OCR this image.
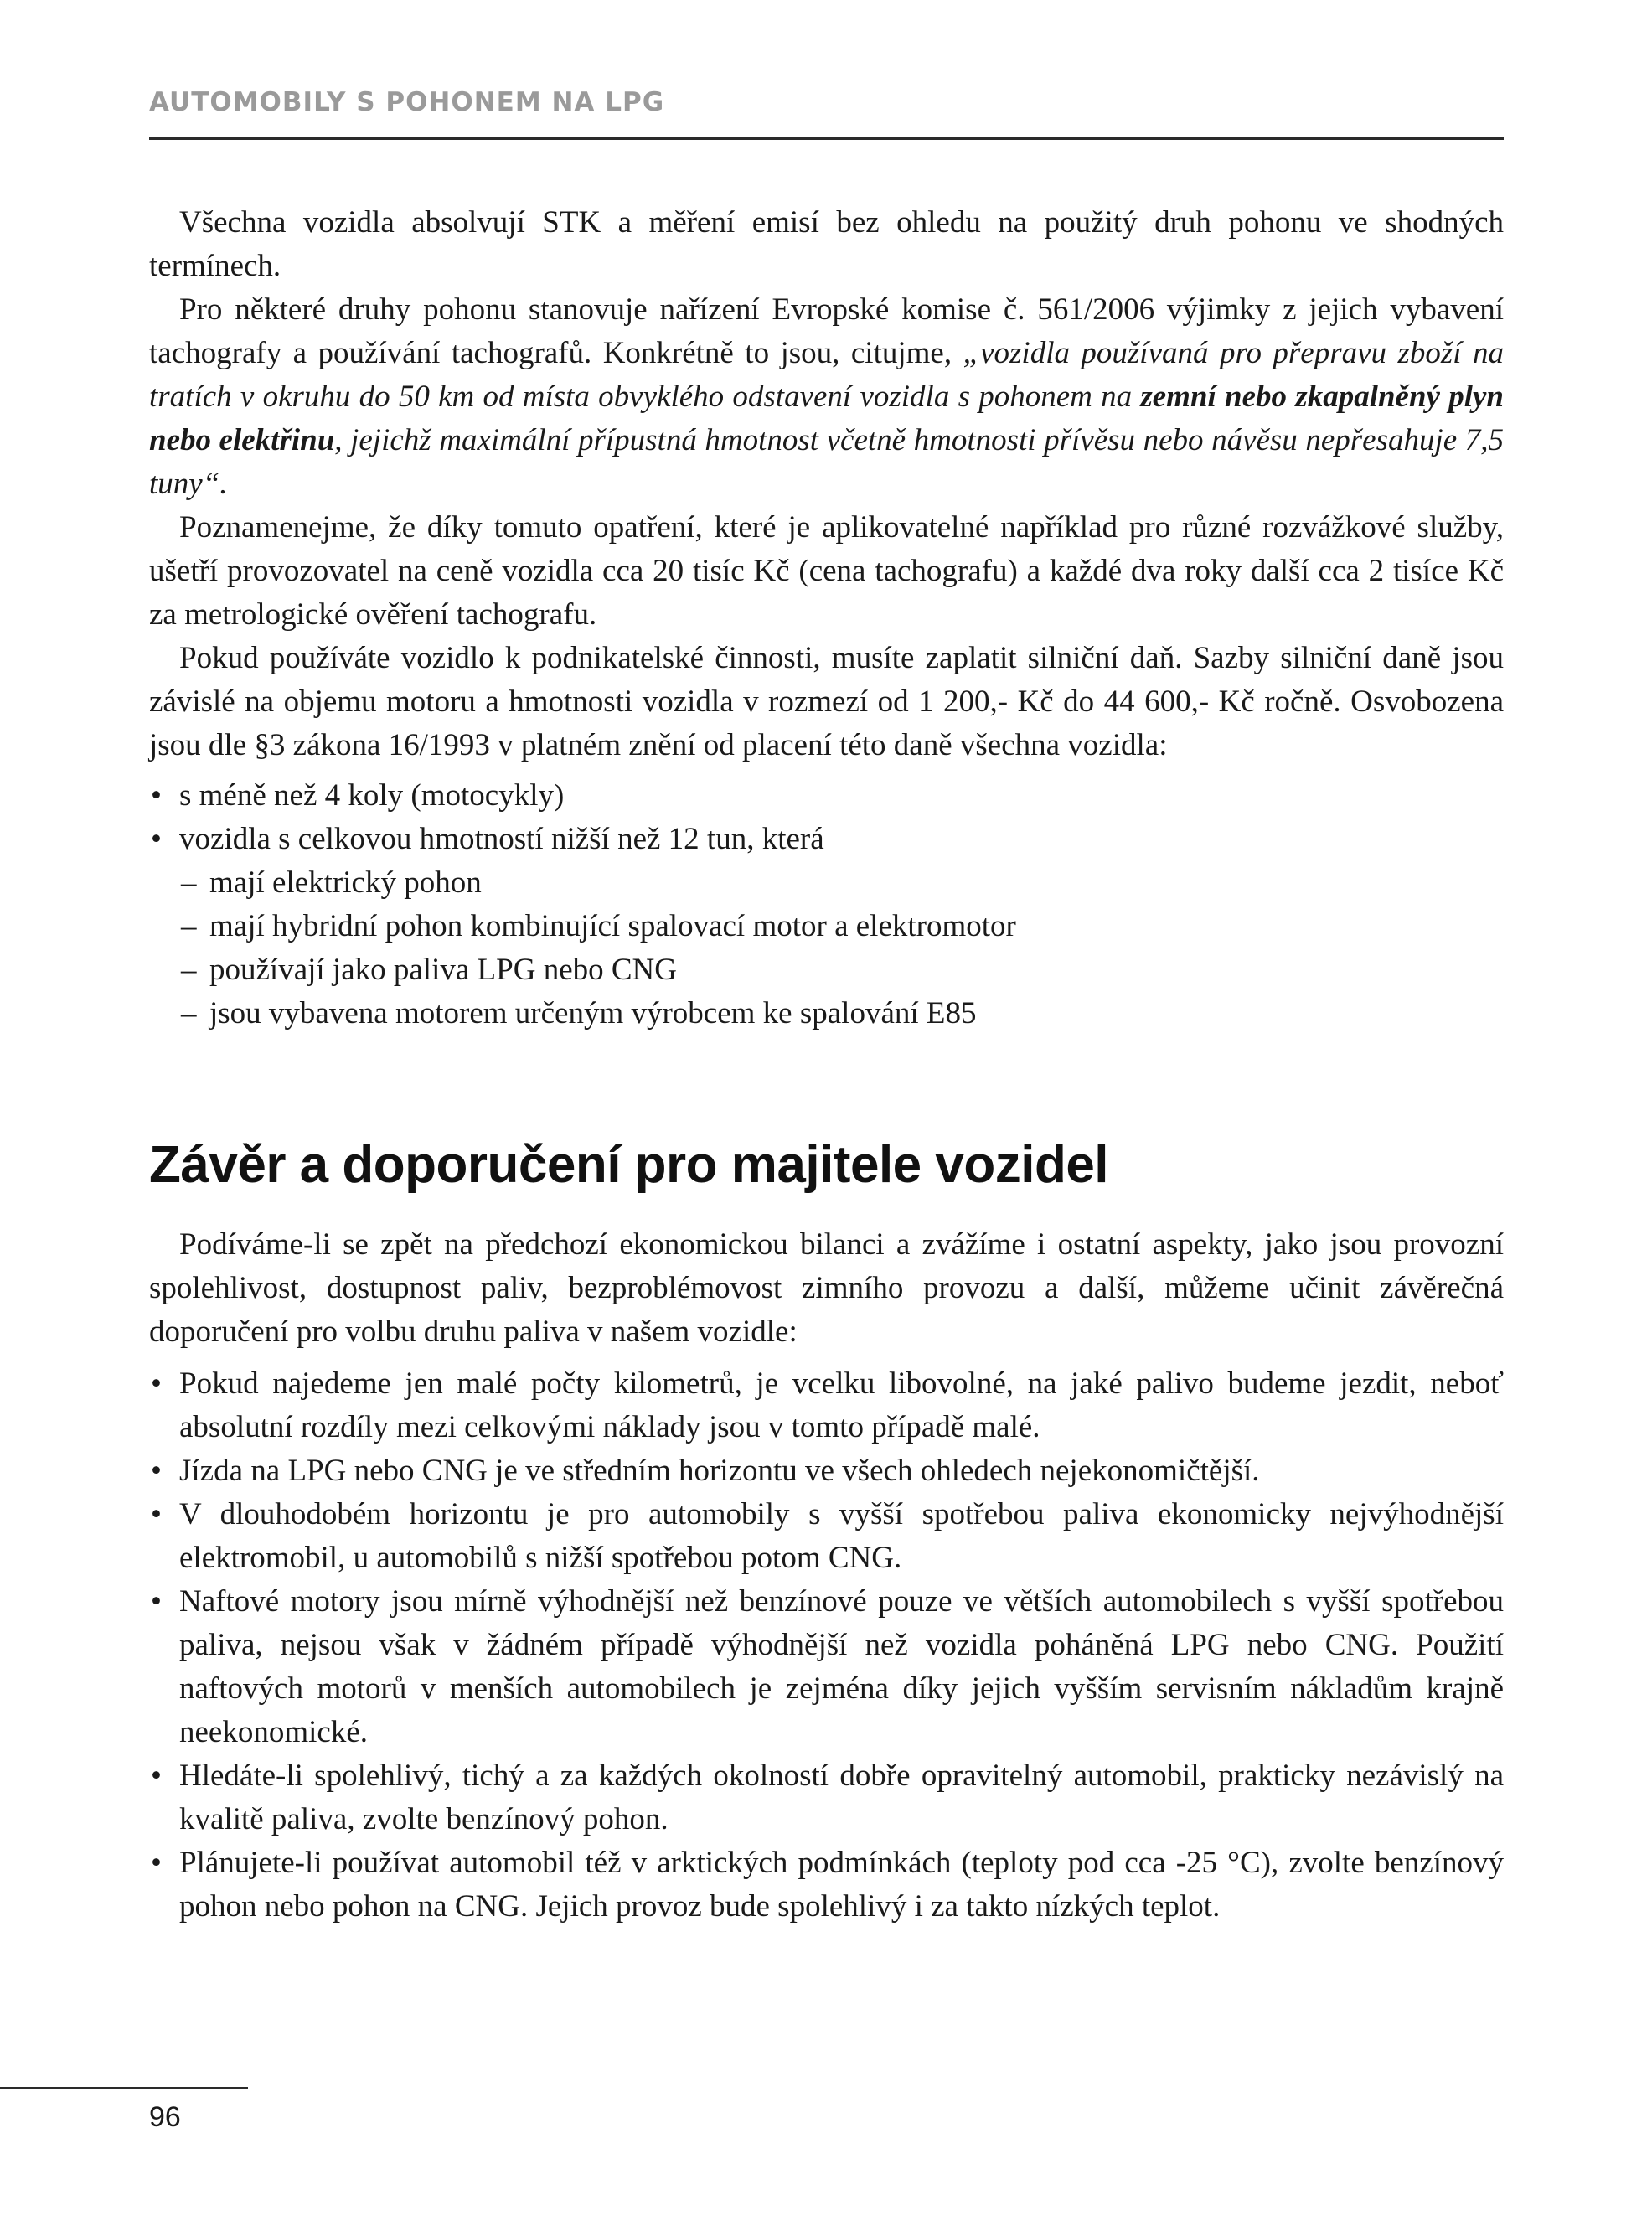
AUTOMOBILY S POHONEM NA LPG

Všechna vozidla absolvují STK a měření emisí bez ohledu na použitý druh pohonu ve shodných termínech.

Pro některé druhy pohonu stanovuje nařízení Evropské komise č. 561/2006 výjimky z jejich vybavení tachografy a používání tachografů. Konkrétně to jsou, citujme, „vozidla používaná pro přepravu zboží na tratích v okruhu do 50 km od místa obvyklého odstavení vozidla s pohonem na zemní nebo zkapalněný plyn nebo elektřinu, jejichž maximální přípustná hmotnost včetně hmotnosti přívěsu nebo návěsu nepřesahuje 7,5 tuny“.

Poznamenejme, že díky tomuto opatření, které je aplikovatelné například pro různé rozvážkové služby, ušetří provozovatel na ceně vozidla cca 20 tisíc Kč (cena tachografu) a každé dva roky další cca 2 tisíce Kč za metrologické ověření tachografu.

Pokud používáte vozidlo k podnikatelské činnosti, musíte zaplatit silniční daň. Sazby silniční daně jsou závislé na objemu motoru a hmotnosti vozidla v rozmezí od 1 200,- Kč do 44 600,- Kč ročně. Osvobozena jsou dle §3 zákona 16/1993 v platném znění od placení této daně všechna vozidla:

• s méně než 4 koly (motocykly)
• vozidla s celkovou hmotností nižší než 12 tun, která
– mají elektrický pohon
– mají hybridní pohon kombinující spalovací motor a elektromotor
– používají jako paliva LPG nebo CNG
– jsou vybavena motorem určeným výrobcem ke spalování E85
Závěr a doporučení pro majitele vozidel

Podíváme-li se zpět na předchozí ekonomickou bilanci a zvážíme i ostatní aspekty, jako jsou provozní spolehlivost, dostupnost paliv, bezproblémovost zimního provozu a další, můžeme učinit závěrečná doporučení pro volbu druhu paliva v našem vozidle:

• Pokud najedeme jen malé počty kilometrů, je vcelku libovolné, na jaké palivo budeme jezdit, neboť absolutní rozdíly mezi celkovými náklady jsou v tomto případě malé.
• Jízda na LPG nebo CNG je ve středním horizontu ve všech ohledech nejekonomičtější.
• V dlouhodobém horizontu je pro automobily s vyšší spotřebou paliva ekonomicky nejvýhodnější elektromobil, u automobilů s nižší spotřebou potom CNG.
• Naftové motory jsou mírně výhodnější než benzínové pouze ve větších automobilech s vyšší spotřebou paliva, nejsou však v žádném případě výhodnější než vozidla poháněná LPG nebo CNG. Použití naftových motorů v menších automobilech je zejména díky jejich vyšším servisním nákladům krajně neekonomické.
• Hledáte-li spolehlivý, tichý a za každých okolností dobře opravitelný automobil, prakticky nezávislý na kvalitě paliva, zvolte benzínový pohon.
• Plánujete-li používat automobil též v arktických podmínkách (teploty pod cca -25 °C), zvolte benzínový pohon nebo pohon na CNG. Jejich provoz bude spolehlivý i za takto nízkých teplot.
96
